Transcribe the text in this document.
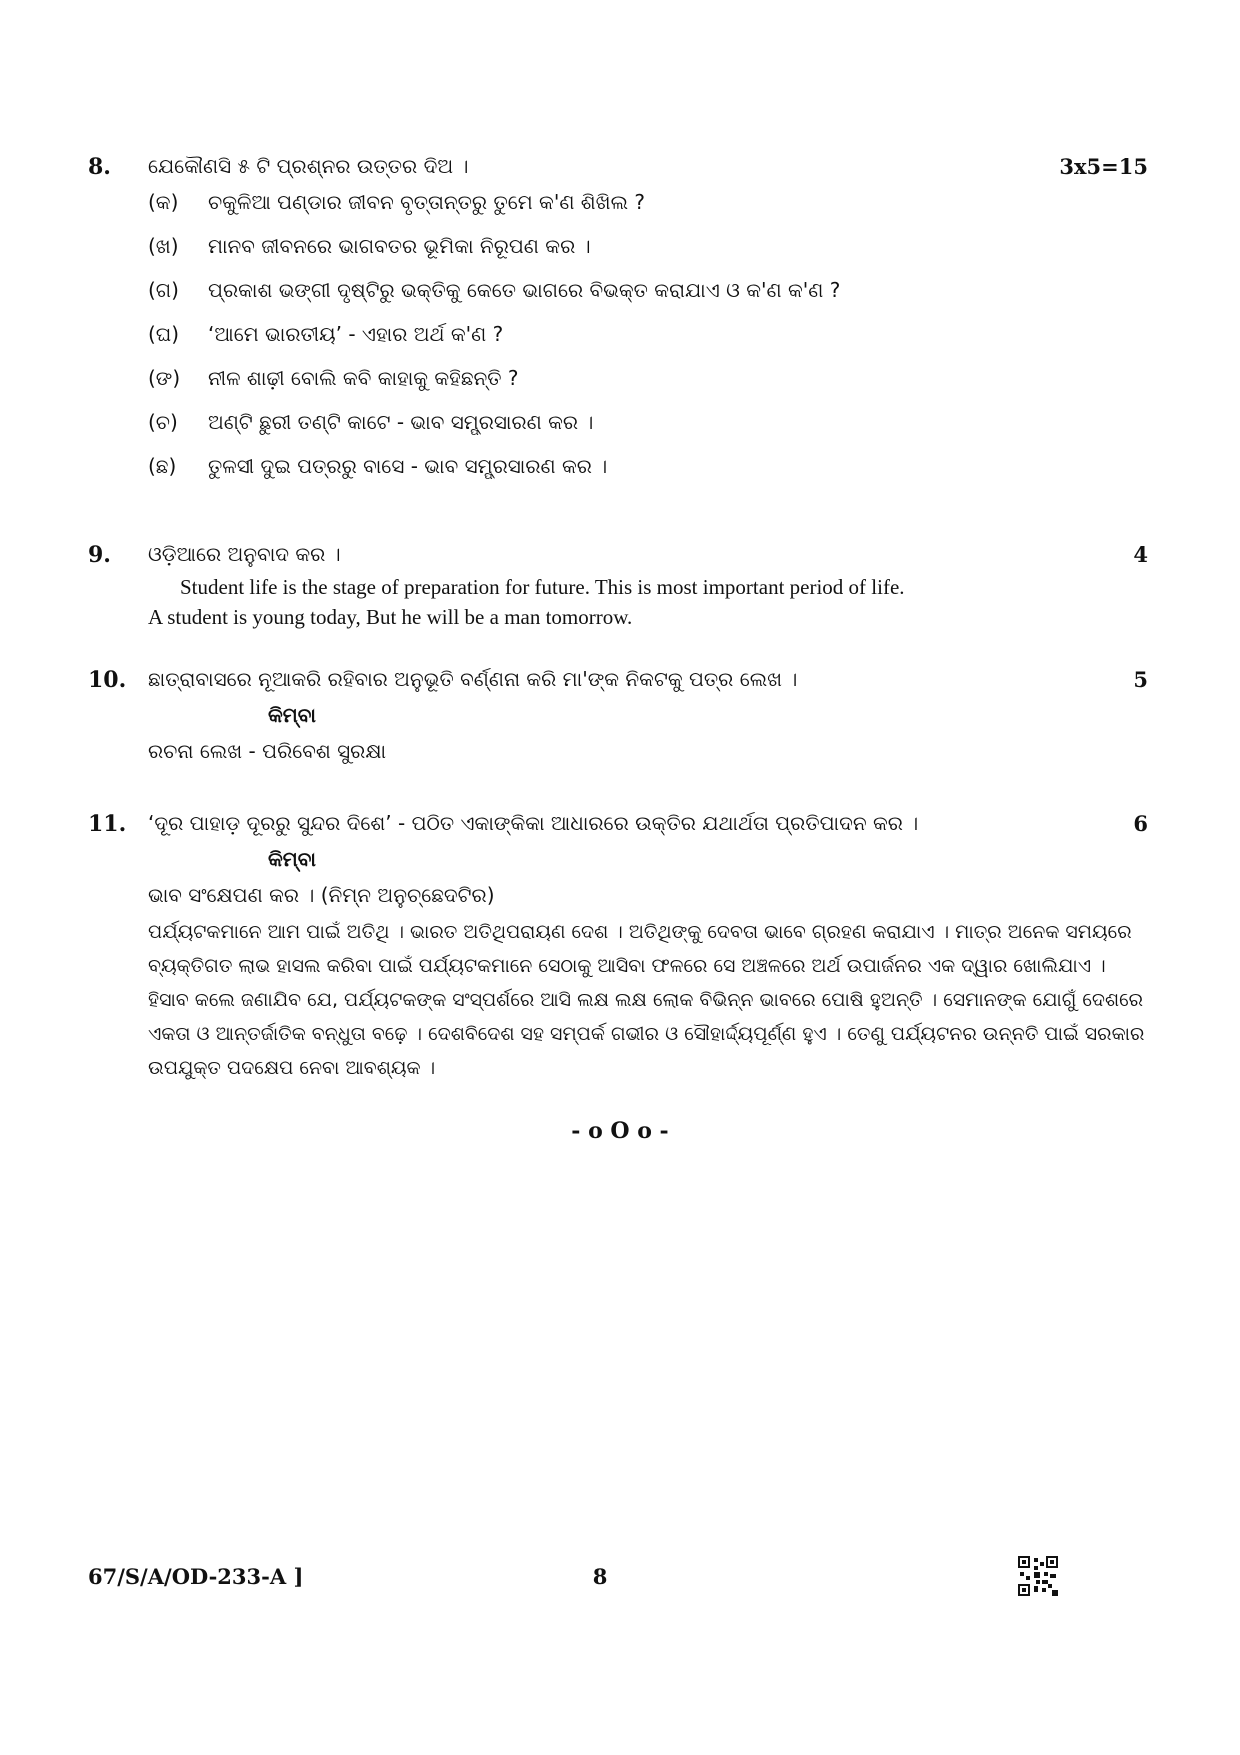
8. ଯେକୌଣସି ୫ ଟି ପ୍ରଶ୍ନର ଉତ୍ତର ଦିଅ ।	3x5=15
(କ) ଚକୁଳିଆ ପଣ୍ଡାର ଜୀବନ ବୃତ୍ତାନ୍ତରୁ ତୁମେ କ'ଣ ଶିଖିଲ ?
(ଖ) ମାନବ ଜୀବନରେ ଭାଗବତର ଭୂମିକା ନିରୂପଣ କର ।
(ଗ) ପ୍ରକାଶ ଭଙ୍ଗୀ ଦୃଷ୍ଟିରୁ ଭକ୍ତିକୁ କେତେ ଭାଗରେ ବିଭକ୍ତ କରାଯାଏ ଓ କ'ଣ କ'ଣ ?
(ଘ) ‘ଆମେ ଭାରତୀୟ’ - ଏହାର ଅର୍ଥ କ'ଣ ?
(ଙ) ନୀଳ ଶାଢ଼ୀ ବୋଲି କବି କାହାକୁ କହିଛନ୍ତି ?
(ଚ) ଅଣ୍ଟି ଛୁରୀ ତଣ୍ଟି କାଟେ - ଭାବ ସମ୍ପ୍ରସାରଣ କର ।
(ଛ) ତୁଳସୀ ଦୁଇ ପତ୍ରରୁ ବାସେ - ଭାବ ସମ୍ପ୍ରସାରଣ କର ।
9. ଓଡ଼ିଆରେ ଅନୁବାଦ କର ।	4
Student life is the stage of preparation for future. This is most important period of life.
A student is young today, But he will be a man tomorrow.
10. ଛାତ୍ରାବାସରେ ନୂଆକରି ରହିବାର ଅନୁଭୂତି ବର୍ଣ୍ଣନା କରି ମା'ଙ୍କ ନିକଟକୁ ପତ୍ର ଲେଖ ।	5
କିମ୍ବା
ରଚନା ଲେଖ - ପରିବେଶ ସୁରକ୍ଷା
11. ‘ଦୂର ପାହାଡ଼ ଦୂରରୁ ସୁନ୍ଦର ଦିଶେ’ - ପଠିତ ଏକାଙ୍କିକା ଆଧାରରେ ଉକ୍ତିର ଯଥାର୍ଥତା ପ୍ରତିପାଦନ କର ।	6
କିମ୍ବା
ଭାବ ସଂକ୍ଷେପଣ କର । (ନିମ୍ନ ଅନୁଚ୍ଛେଦଟିର)
ପର୍ଯ୍ୟଟକମାନେ ଆମ ପାଇଁ ଅତିଥି । ଭାରତ ଅତିଥିପରାୟଣ ଦେଶ । ଅତିଥିଙ୍କୁ ଦେବତା ଭାବେ ଗ୍ରହଣ କରାଯାଏ । ମାତ୍ର ଅନେକ ସମୟରେ ବ୍ୟକ୍ତିଗତ ଲାଭ ହାସଲ କରିବା ପାଇଁ ପର୍ଯ୍ୟଟକମାନେ ସେଠାକୁ ଆସିବା ଫଳରେ ସେ ଅଞ୍ଚଳରେ ଅର୍ଥ ଉପାର୍ଜନର ଏକ ଦ୍ୱାର ଖୋଲିଯାଏ । ହିସାବ କଲେ ଜଣାଯିବ ଯେ, ପର୍ଯ୍ୟଟକଙ୍କ ସଂସ୍ପର୍ଶରେ ଆସି ଲକ୍ଷ ଲକ୍ଷ ଲୋକ ବିଭିନ୍ନ ଭାବରେ ପୋଷି ହୁଅନ୍ତି । ସେମାନଙ୍କ ଯୋଗୁଁ ଦେଶରେ ଏକତା ଓ ଆନ୍ତର୍ଜାତିକ ବନ୍ଧୁତା ବଢ଼େ । ଦେଶବିଦେଶ ସହ ସମ୍ପର୍କ ଗଭୀର ଓ ସୌହାର୍ଦ୍ଦ୍ୟପୂର୍ଣ୍ଣ ହୁଏ । ତେଣୁ ପର୍ଯ୍ୟଟନର ଉନ୍ନତି ପାଇଁ ସରକାର ଉପଯୁକ୍ତ ପଦକ୍ଷେପ ନେବା ଆବଶ୍ୟକ ।
- o O o -
67/S/A/OD-233-A ]	8
